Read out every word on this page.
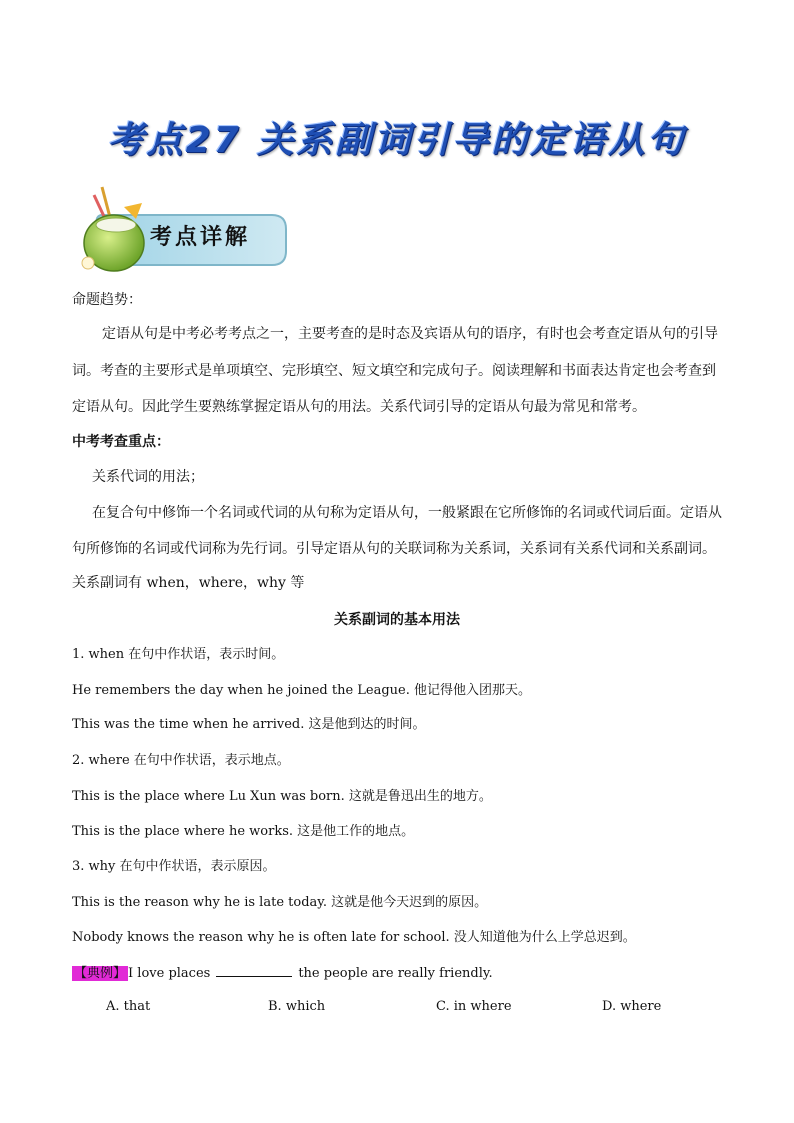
考点27 关系副词引导的定语从句
考点详解
命题趋势：
定语从句是中考必考考点之一，主要考查的是时态及宾语从句的语序，有时也会考查定语从句的引导
词。考查的主要形式是单项填空、完形填空、短文填空和完成句子。阅读理解和书面表达肯定也会考查到
定语从句。因此学生要熟练掌握定语从句的用法。关系代词引导的定语从句最为常见和常考。
中考考查重点：
关系代词的用法；
在复合句中修饰一个名词或代词的从句称为定语从句，一般紧跟在它所修饰的名词或代词后面。定语从
句所修饰的名词或代词称为先行词。引导定语从句的关联词称为关系词，关系词有关系代词和关系副词。
关系副词有 when，where，why 等
关系副词的基本用法
1. when 在句中作状语，表示时间。
He remembers the day when he joined the League. 他记得他入团那天。
This was the time when he arrived. 这是他到达的时间。
2. where 在句中作状语，表示地点。
This is the place where Lu Xun was born. 这就是鲁迅出生的地方。
This is the place where he works. 这是他工作的地点。
3. why 在句中作状语，表示原因。
This is the reason why he is late today. 这就是他今天迟到的原因。
Nobody knows the reason why he is often late for school. 没人知道他为什么上学总迟到。
【典例】 I love places	the people are really friendly.
A. that	B. which	C. in where	D. where
